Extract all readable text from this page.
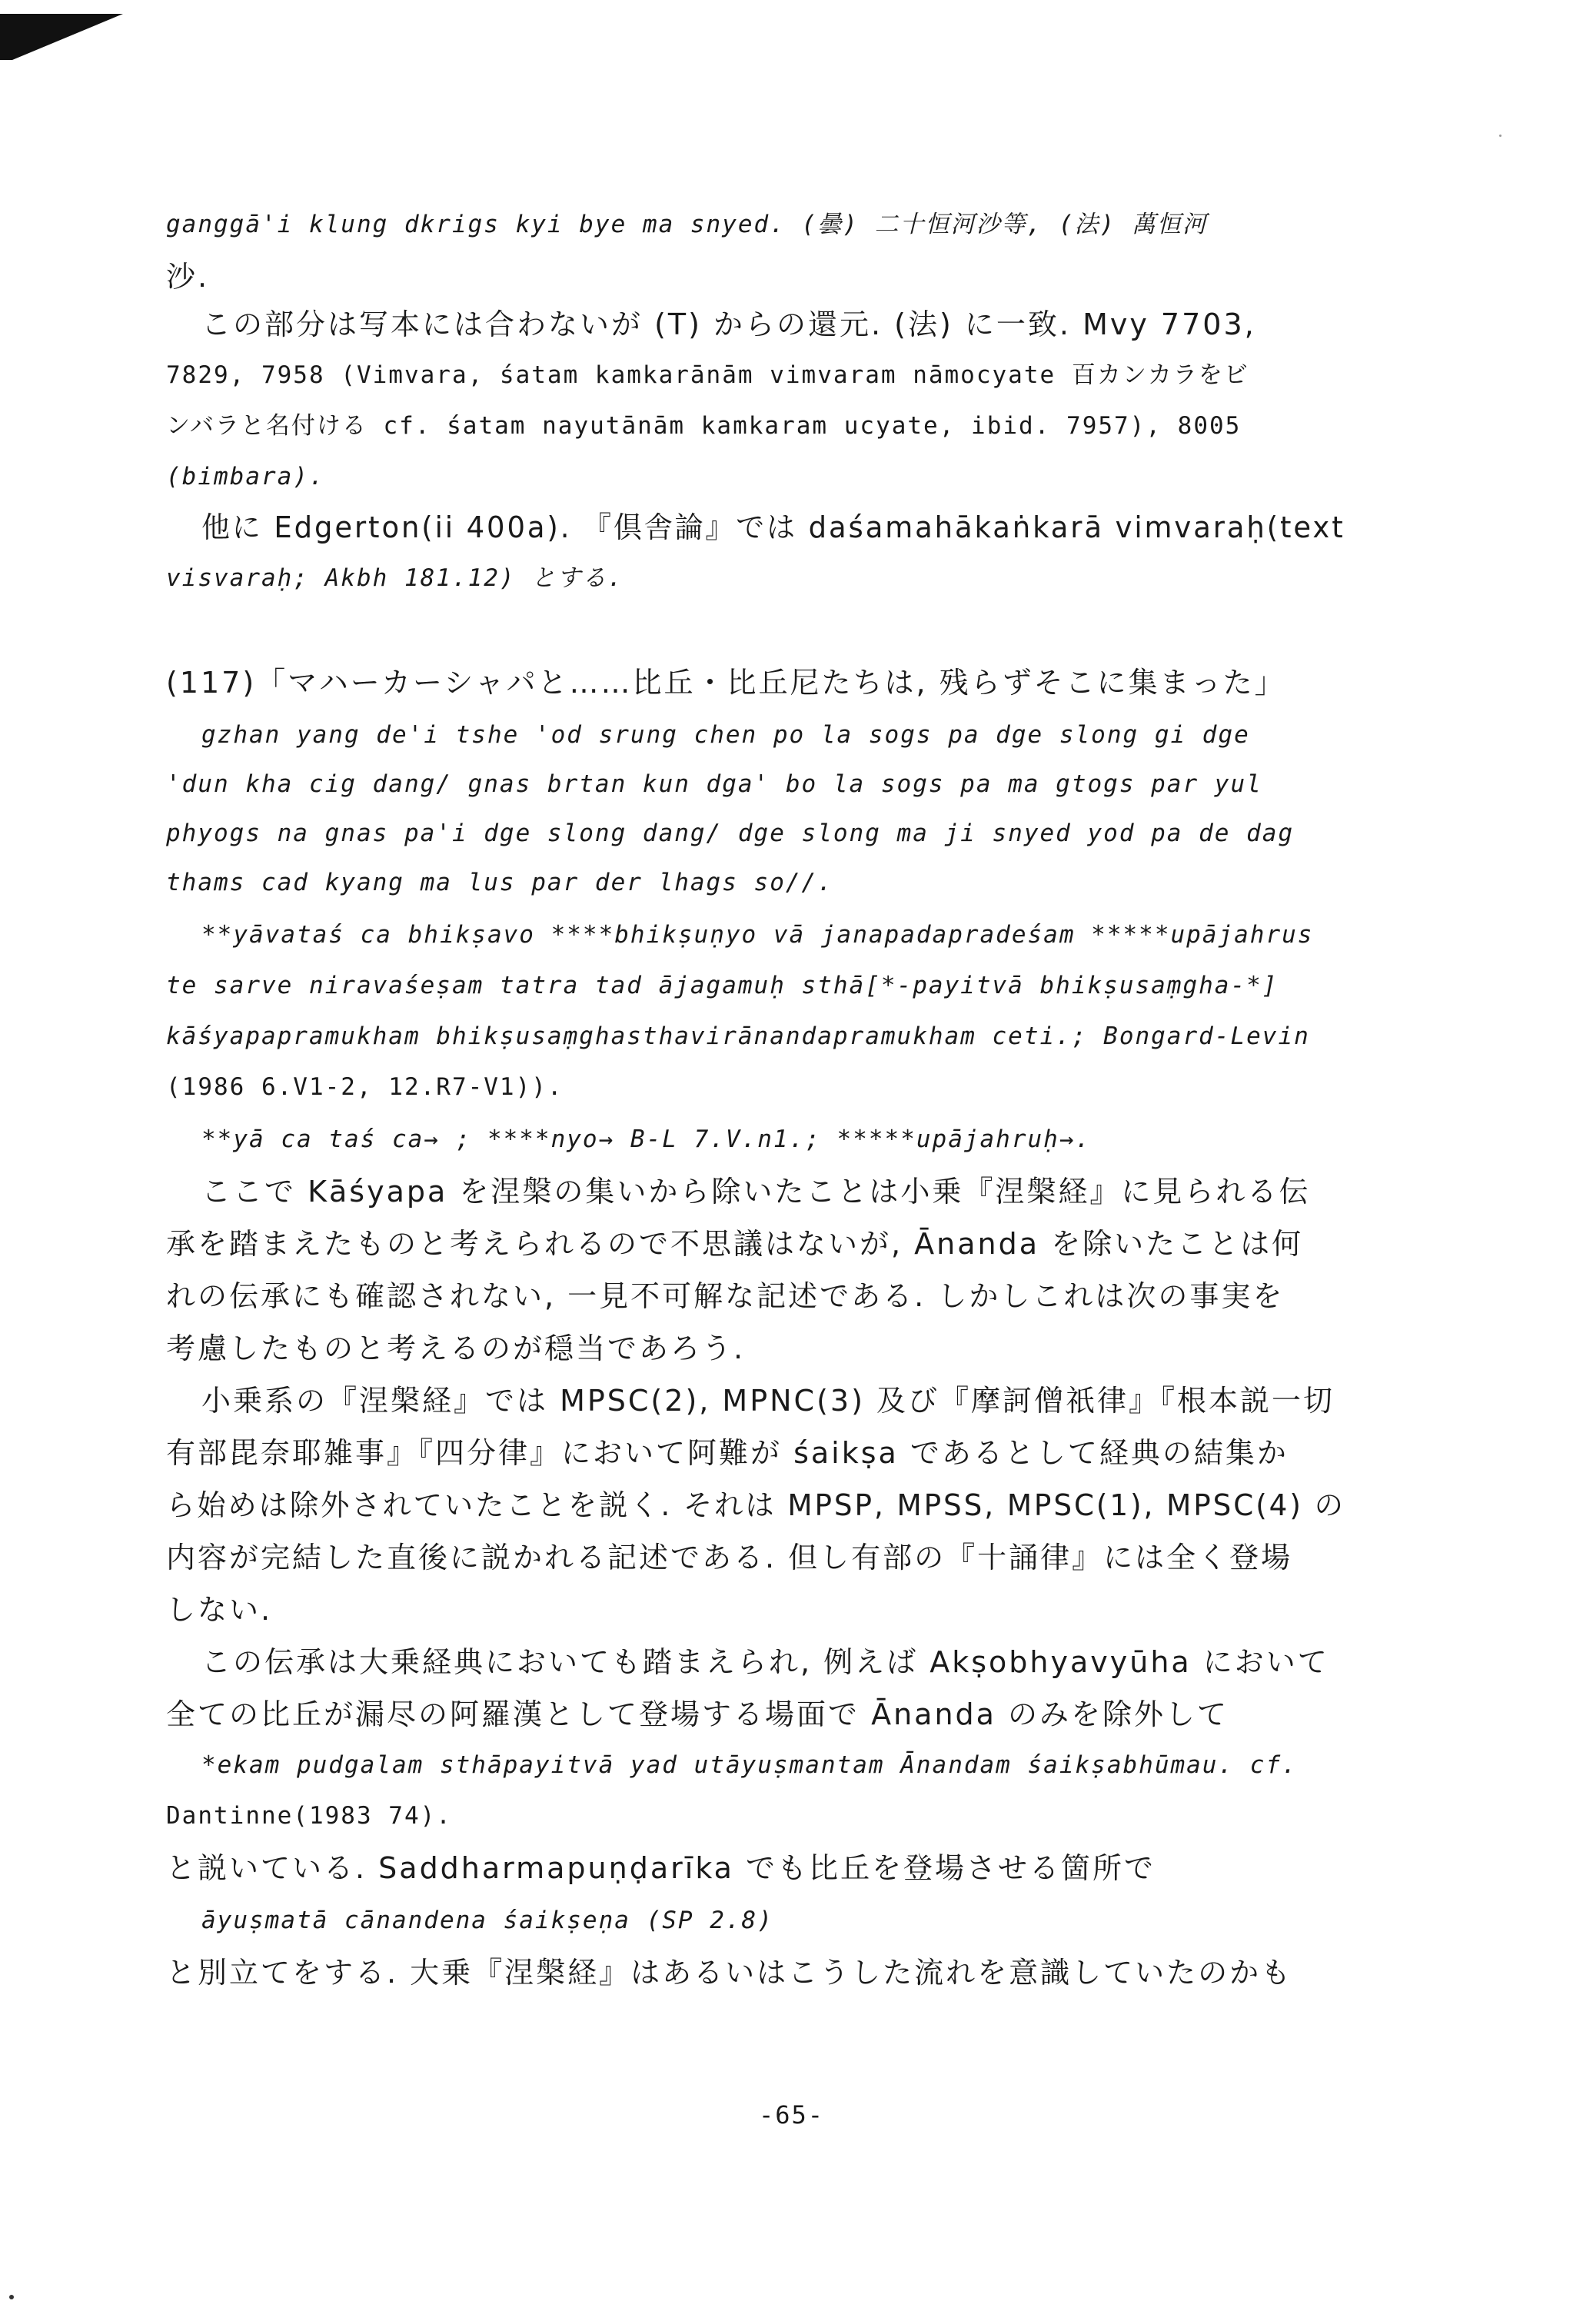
ganggā'i klung dkrigs kyi bye ma snyed. (曇) 二十恒河沙等, (法) 萬恒河
沙.
この部分は写本には合わないが (T) からの還元. (法) に一致. Mvy 7703,
7829, 7958 (Vimvara, śatam kamkarānām vimvaram nāmocyate 百カンカラをビ
ンバラと名付ける cf. śatam nayutānām kamkaram ucyate, ibid. 7957), 8005
(bimbara).
他に Edgerton(ii 400a). 『倶舎論』では daśamahākaṅkarā vimvaraḥ(text
visvaraḥ; Akbh 181.12) とする.
(117)「マハーカーシャパと……比丘・比丘尼たちは, 残らずそこに集まった」
gzhan yang de'i tshe 'od srung chen po la sogs pa dge slong gi dge
'dun kha cig dang/ gnas brtan kun dga' bo la sogs pa ma gtogs par yul
phyogs na gnas pa'i dge slong dang/ dge slong ma ji snyed yod pa de dag
thams cad kyang ma lus par der lhags so//.
**yāvataś ca bhikṣavo ****bhikṣuṇyo vā janapadapradeśam *****upājahrus
te sarve niravaśeṣam tatra tad ājagamuḥ sthā[*-payitvā bhikṣusaṃgha-*]
kāśyapapramukham bhikṣusaṃghasthavirānandapramukham ceti.; Bongard-Levin
(1986 6.V1-2, 12.R7-V1)).
**yā ca taś ca→ ; ****nyo→ B-L 7.V.n1.; *****upājahruḥ→.
ここで Kāśyapa を涅槃の集いから除いたことは小乗『涅槃経』に見られる伝
承を踏まえたものと考えられるので不思議はないが, Ānanda を除いたことは何
れの伝承にも確認されない, 一見不可解な記述である. しかしこれは次の事実を
考慮したものと考えるのが穏当であろう.
小乗系の『涅槃経』では MPSC(2), MPNC(3) 及び『摩訶僧祇律』『根本説一切
有部毘奈耶雑事』『四分律』において阿難が śaikṣa であるとして経典の結集か
ら始めは除外されていたことを説く. それは MPSP, MPSS, MPSC(1), MPSC(4) の
内容が完結した直後に説かれる記述である. 但し有部の『十誦律』には全く登場
しない.
この伝承は大乗経典においても踏まえられ, 例えば Akṣobhyavyūha において
全ての比丘が漏尽の阿羅漢として登場する場面で Ānanda のみを除外して
*ekam pudgalam sthāpayitvā yad utāyuṣmantam Ānandam śaikṣabhūmau. cf.
Dantinne(1983 74).
と説いている. Saddharmapuṇḍarīka でも比丘を登場させる箇所で
āyuṣmatā cānandena śaikṣeṇa (SP 2.8)
と別立てをする. 大乗『涅槃経』はあるいはこうした流れを意識していたのかも
-65-
